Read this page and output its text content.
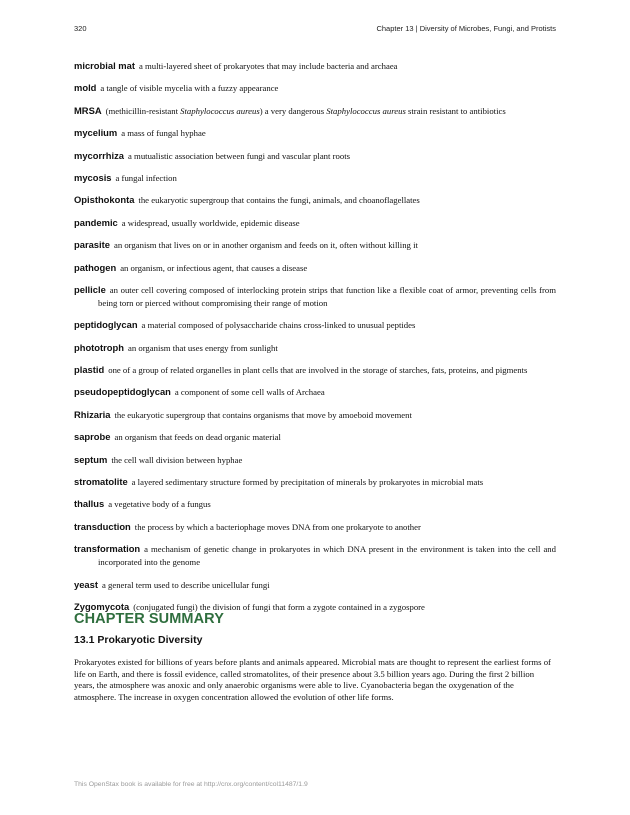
320	Chapter 13 | Diversity of Microbes, Fungi, and Protists

microbial mat a multi-layered sheet of prokaryotes that may include bacteria and archaea

mold a tangle of visible mycelia with a fuzzy appearance

MRSA (methicillin-resistant Staphylococcus aureus) a very dangerous Staphylococcus aureus strain resistant to antibiotics

mycelium a mass of fungal hyphae

mycorrhiza a mutualistic association between fungi and vascular plant roots

mycosis a fungal infection

Opisthokonta the eukaryotic supergroup that contains the fungi, animals, and choanoflagellates

pandemic a widespread, usually worldwide, epidemic disease

parasite an organism that lives on or in another organism and feeds on it, often without killing it

pathogen an organism, or infectious agent, that causes a disease

pellicle an outer cell covering composed of interlocking protein strips that function like a flexible coat of armor, preventing cells from being torn or pierced without compromising their range of motion

peptidoglycan a material composed of polysaccharide chains cross-linked to unusual peptides

phototroph an organism that uses energy from sunlight

plastid one of a group of related organelles in plant cells that are involved in the storage of starches, fats, proteins, and pigments

pseudopeptidoglycan a component of some cell walls of Archaea

Rhizaria the eukaryotic supergroup that contains organisms that move by amoeboid movement

saprobe an organism that feeds on dead organic material

septum the cell wall division between hyphae

stromatolite a layered sedimentary structure formed by precipitation of minerals by prokaryotes in microbial mats

thallus a vegetative body of a fungus

transduction the process by which a bacteriophage moves DNA from one prokaryote to another

transformation a mechanism of genetic change in prokaryotes in which DNA present in the environment is taken into the cell and incorporated into the genome

yeast a general term used to describe unicellular fungi

Zygomycota (conjugated fungi) the division of fungi that form a zygote contained in a zygospore

CHAPTER SUMMARY
13.1 Prokaryotic Diversity

Prokaryotes existed for billions of years before plants and animals appeared. Microbial mats are thought to represent the earliest forms of life on Earth, and there is fossil evidence, called stromatolites, of their presence about 3.5 billion years ago. During the first 2 billion years, the atmosphere was anoxic and only anaerobic organisms were able to live. Cyanobacteria began the oxygenation of the atmosphere. The increase in oxygen concentration allowed the evolution of other life forms.

This OpenStax book is available for free at http://cnx.org/content/col11487/1.9
